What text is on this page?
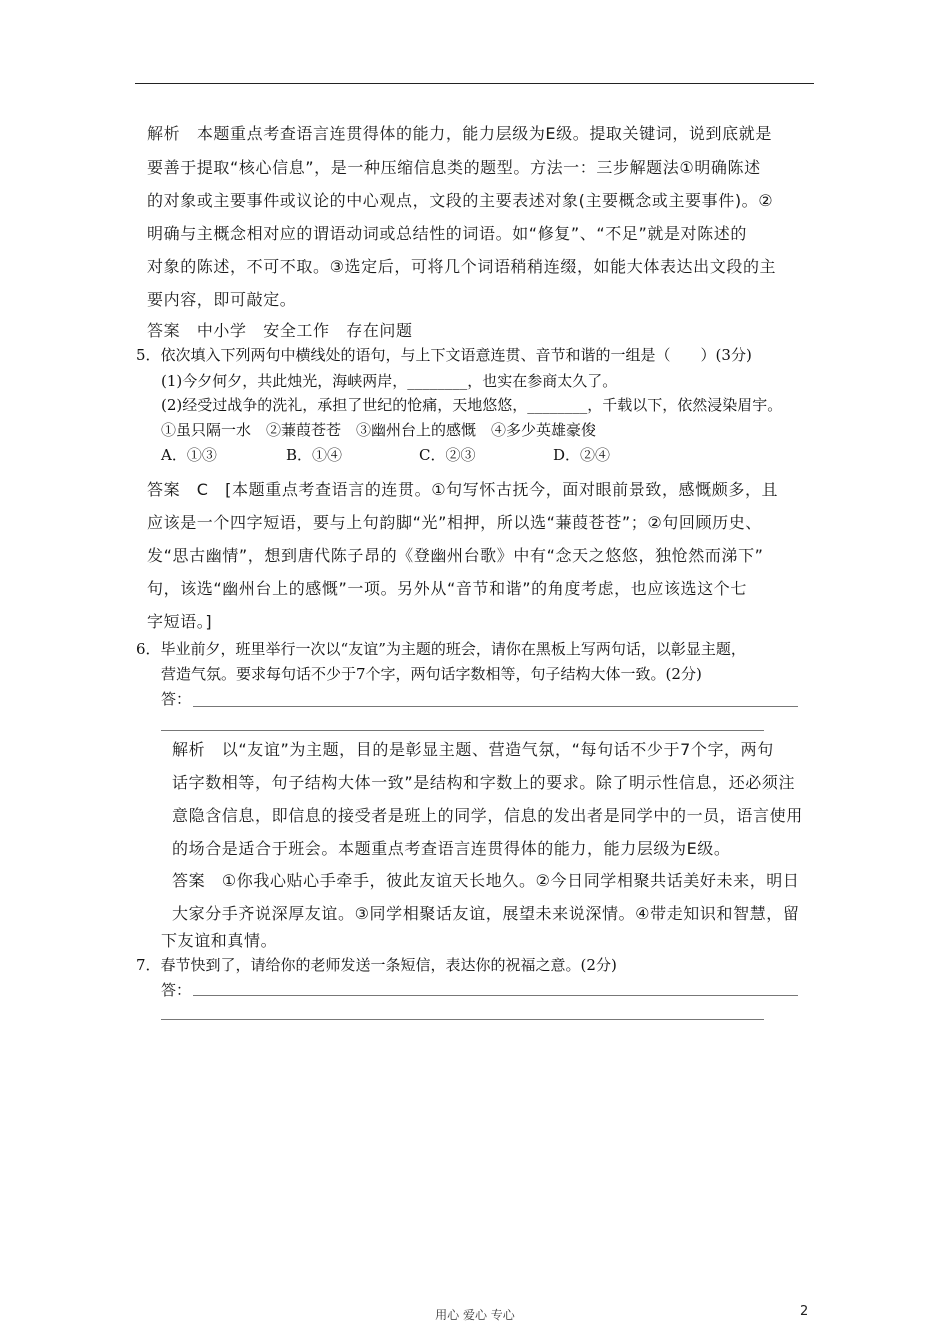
解析　 本题重点考查语言连贯得体的能力，能力层级为E级。提取关键词，说到底就是
要善于提取“核心信息”，是一种压缩信息类的题型。方法一：三步解题法①明确陈述
的对象或主要事件或议论的中心观点，文段的主要表述对象(主要概念或主要事件)。②
明确与主概念相对应的谓语动词或总结性的词语。如“修复”、“不足”就是对陈述的
对象的陈述，不可不取。③选定后，可将几个词语稍稍连缀，如能大体表达出文段的主
要内容，即可敲定。
答案　 中小学　安全工作　存在问题
5．依次填入下列两句中横线处的语句，与上下文语意连贯、音节和谐的一组是（　　）(3分)
(1)今夕何夕，共此烛光，海峡两岸，________，也实在参商太久了。
(2)经受过战争的洗礼，承担了世纪的怆痛，天地悠悠，________，千载以下，依然浸染眉宇。
①虽只隔一水　②蒹葭苍苍　③幽州台上的感慨　④多少英雄豪俊
A．①③	B．①④	C．②③	D．②④
答案　C　[本题重点考查语言的连贯。①句写怀古抚今，面对眼前景致，感慨颇多，且
应该是一个四字短语，要与上句韵脚“光”相押，所以选“蒹葭苍苍”；②句回顾历史、
发“思古幽情”，想到唐代陈子昂的《登幽州台歌》中有“念天之悠悠，独怆然而涕下”
句，该选“幽州台上的感慨”一项。另外从“音节和谐”的角度考虑，也应该选这个七
字短语。]
6．毕业前夕，班里举行一次以“友谊”为主题的班会，请你在黑板上写两句话，以彰显主题，
营造气氛。要求每句话不少于7个字，两句话字数相等，句子结构大体一致。(2分)
答：
解析　以“友谊”为主题，目的是彰显主题、营造气氛，“每句话不少于7个字，两句
话字数相等，句子结构大体一致”是结构和字数上的要求。除了明示性信息，还必须注
意隐含信息，即信息的接受者是班上的同学，信息的发出者是同学中的一员，语言使用
的场合是适合于班会。本题重点考查语言连贯得体的能力，能力层级为E级。
答案　①你我心贴心手牵手，彼此友谊天长地久。②今日同学相聚共话美好未来，明日
大家分手齐说深厚友谊。③同学相聚话友谊，展望未来说深情。④带走知识和智慧，留
下友谊和真情。
7．春节快到了，请给你的老师发送一条短信，表达你的祝福之意。(2分)
答：
用心 爱心 专心	2
